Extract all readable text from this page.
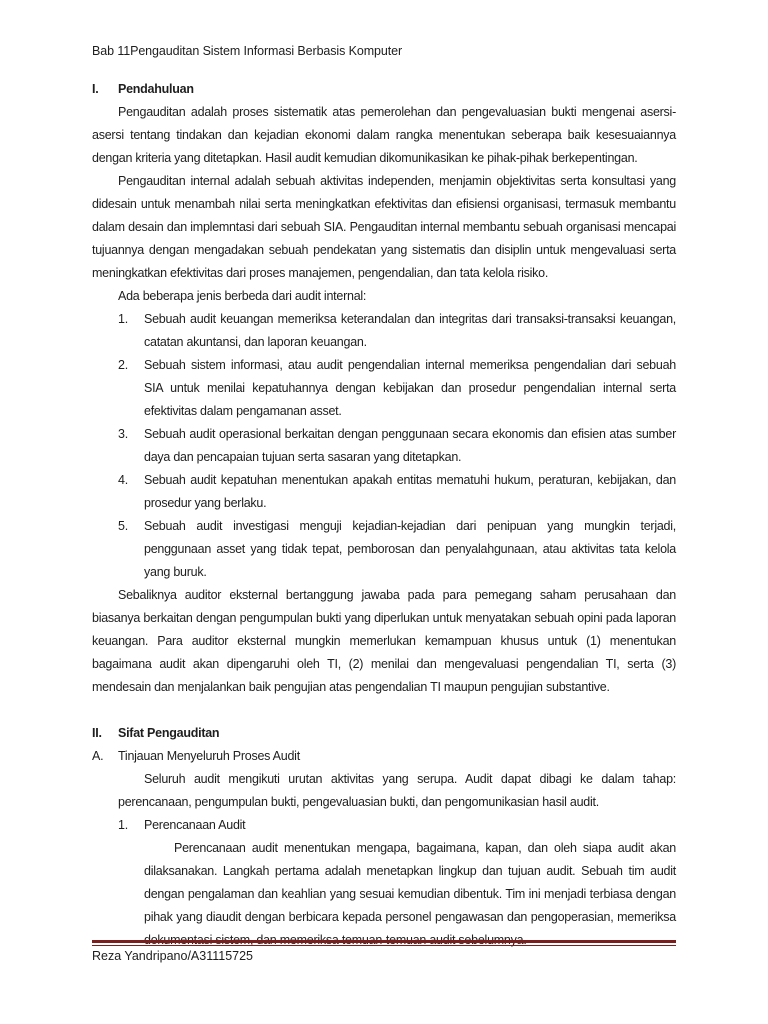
Bab 11Pengauditan Sistem Informasi Berbasis Komputer
I. Pendahuluan

Pengauditan adalah proses sistematik atas pemerolehan dan pengevaluasian bukti mengenai asersi-asersi tentang tindakan dan kejadian ekonomi dalam rangka menentukan seberapa baik kesesuaiannya dengan kriteria yang ditetapkan. Hasil audit kemudian dikomunikasikan ke pihak-pihak berkepentingan.

Pengauditan internal adalah sebuah aktivitas independen, menjamin objektivitas serta konsultasi yang didesain untuk menambah nilai serta meningkatkan efektivitas dan efisiensi organisasi, termasuk membantu dalam desain dan implemntasi dari sebuah SIA. Pengauditan internal membantu sebuah organisasi mencapai tujuannya dengan mengadakan sebuah pendekatan yang sistematis dan disiplin untuk mengevaluasi serta meningkatkan efektivitas dari proses manajemen, pengendalian, dan tata kelola risiko.

Ada beberapa jenis berbeda dari audit internal:

1. Sebuah audit keuangan memeriksa keterandalan dan integritas dari transaksi-transaksi keuangan, catatan akuntansi, dan laporan keuangan.
2. Sebuah sistem informasi, atau audit pengendalian internal memeriksa pengendalian dari sebuah SIA untuk menilai kepatuhannya dengan kebijakan dan prosedur pengendalian internal serta efektivitas dalam pengamanan asset.
3. Sebuah audit operasional berkaitan dengan penggunaan secara ekonomis dan efisien atas sumber daya dan pencapaian tujuan serta sasaran yang ditetapkan.
4. Sebuah audit kepatuhan menentukan apakah entitas mematuhi hukum, peraturan, kebijakan, dan prosedur yang berlaku.
5. Sebuah audit investigasi menguji kejadian-kejadian dari penipuan yang mungkin terjadi, penggunaan asset yang tidak tepat, pemborosan dan penyalahgunaan, atau aktivitas tata kelola yang buruk.

Sebaliknya auditor eksternal bertanggung jawaba pada para pemegang saham perusahaan dan biasanya berkaitan dengan pengumpulan bukti yang diperlukan untuk menyatakan sebuah opini pada laporan keuangan. Para auditor eksternal mungkin memerlukan kemampuan khusus untuk (1) menentukan bagaimana audit akan dipengaruhi oleh TI, (2) menilai dan mengevaluasi pengendalian TI, serta (3) mendesain dan menjalankan baik pengujian atas pengendalian TI maupun pengujian substantive.

II. Sifat Pengauditan
A. Tinjauan Menyeluruh Proses Audit

Seluruh audit mengikuti urutan aktivitas yang serupa. Audit dapat dibagi ke dalam tahap: perencanaan, pengumpulan bukti, pengevaluasian bukti, dan pengomunikasian hasil audit.

1. Perencanaan Audit

Perencanaan audit menentukan mengapa, bagaimana, kapan, dan oleh siapa audit akan dilaksanakan. Langkah pertama adalah menetapkan lingkup dan tujuan audit. Sebuah tim audit dengan pengalaman dan keahlian yang sesuai kemudian dibentuk. Tim ini menjadi terbiasa dengan pihak yang diaudit dengan berbicara kepada personel pengawasan dan pengoperasian, memeriksa

Reza Yandripano/A31115725
